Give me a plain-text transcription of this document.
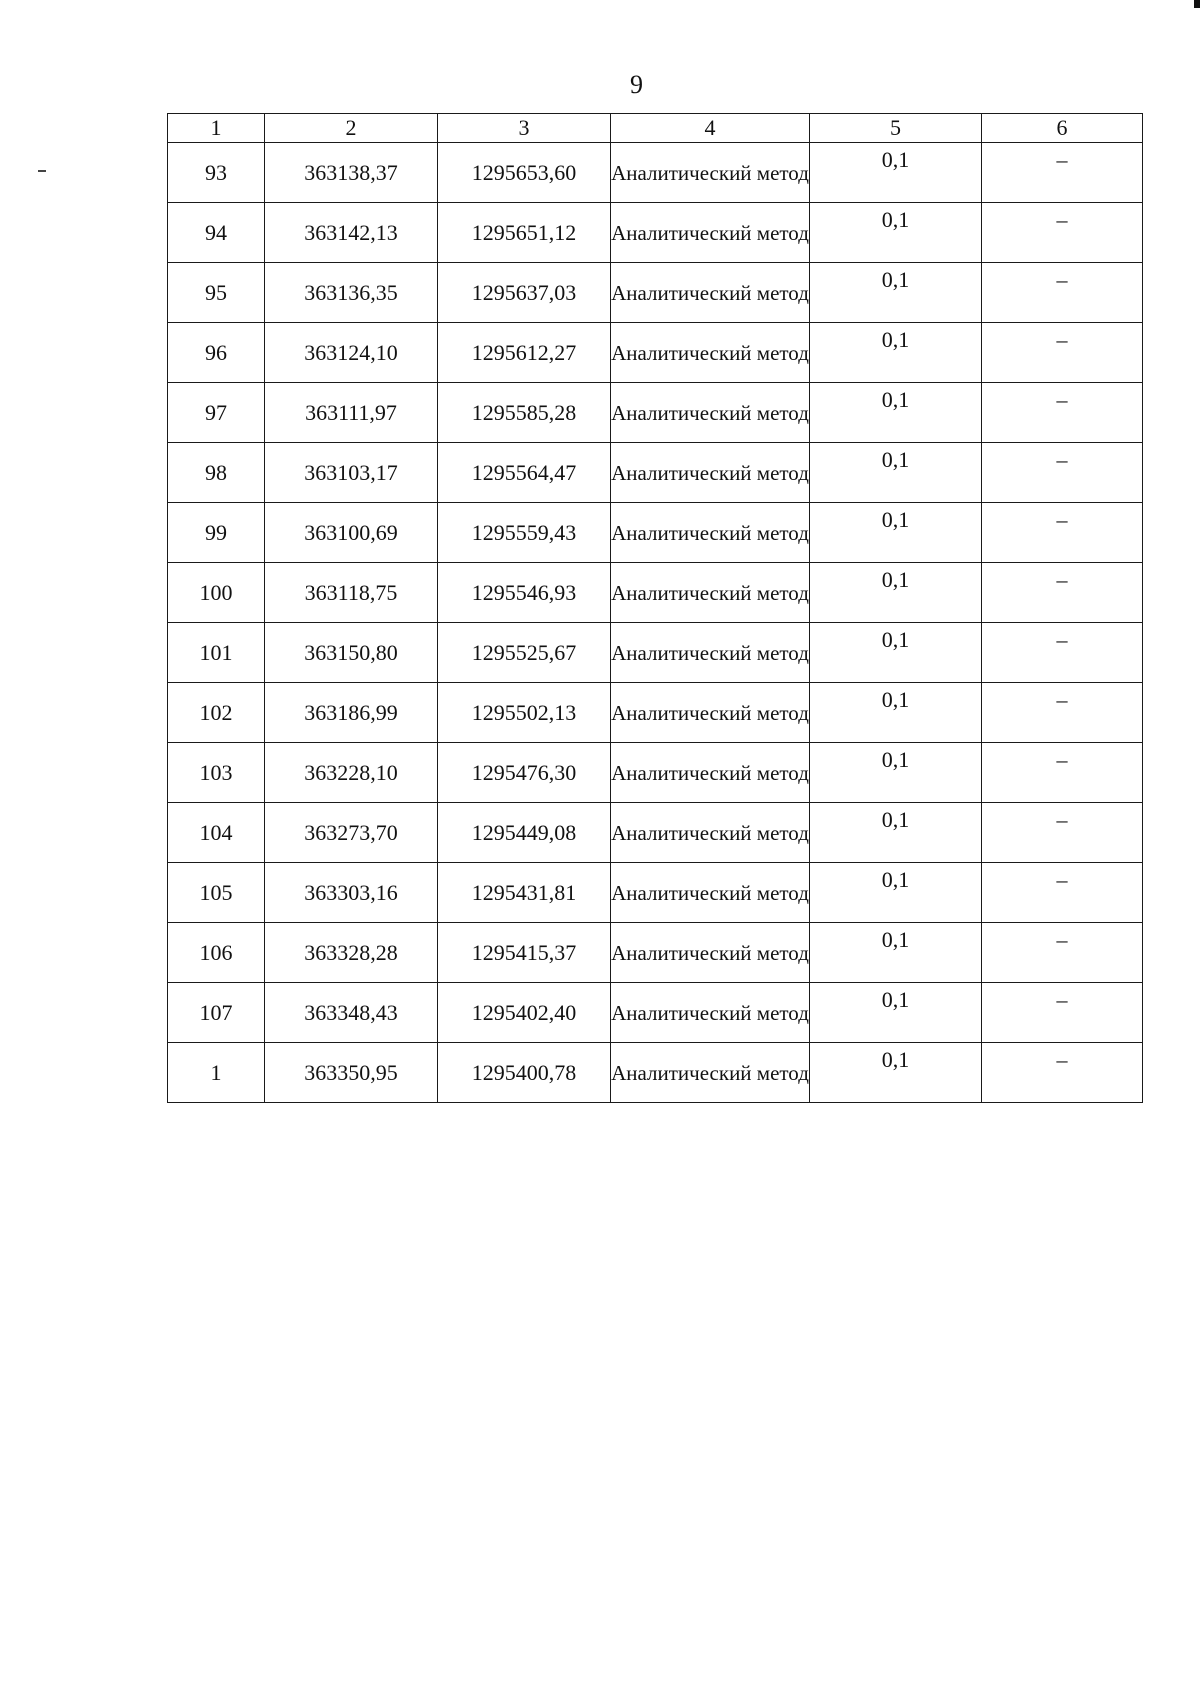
9
1	2	3	4	5	6
93	363138,37	1295653,60	Аналитический метод	0,1	–
94	363142,13	1295651,12	Аналитический метод	0,1	–
95	363136,35	1295637,03	Аналитический метод	0,1	–
96	363124,10	1295612,27	Аналитический метод	0,1	–
97	363111,97	1295585,28	Аналитический метод	0,1	–
98	363103,17	1295564,47	Аналитический метод	0,1	–
99	363100,69	1295559,43	Аналитический метод	0,1	–
100	363118,75	1295546,93	Аналитический метод	0,1	–
101	363150,80	1295525,67	Аналитический метод	0,1	–
102	363186,99	1295502,13	Аналитический метод	0,1	–
103	363228,10	1295476,30	Аналитический метод	0,1	–
104	363273,70	1295449,08	Аналитический метод	0,1	–
105	363303,16	1295431,81	Аналитический метод	0,1	–
106	363328,28	1295415,37	Аналитический метод	0,1	–
107	363348,43	1295402,40	Аналитический метод	0,1	–
1	363350,95	1295400,78	Аналитический метод	0,1	–
